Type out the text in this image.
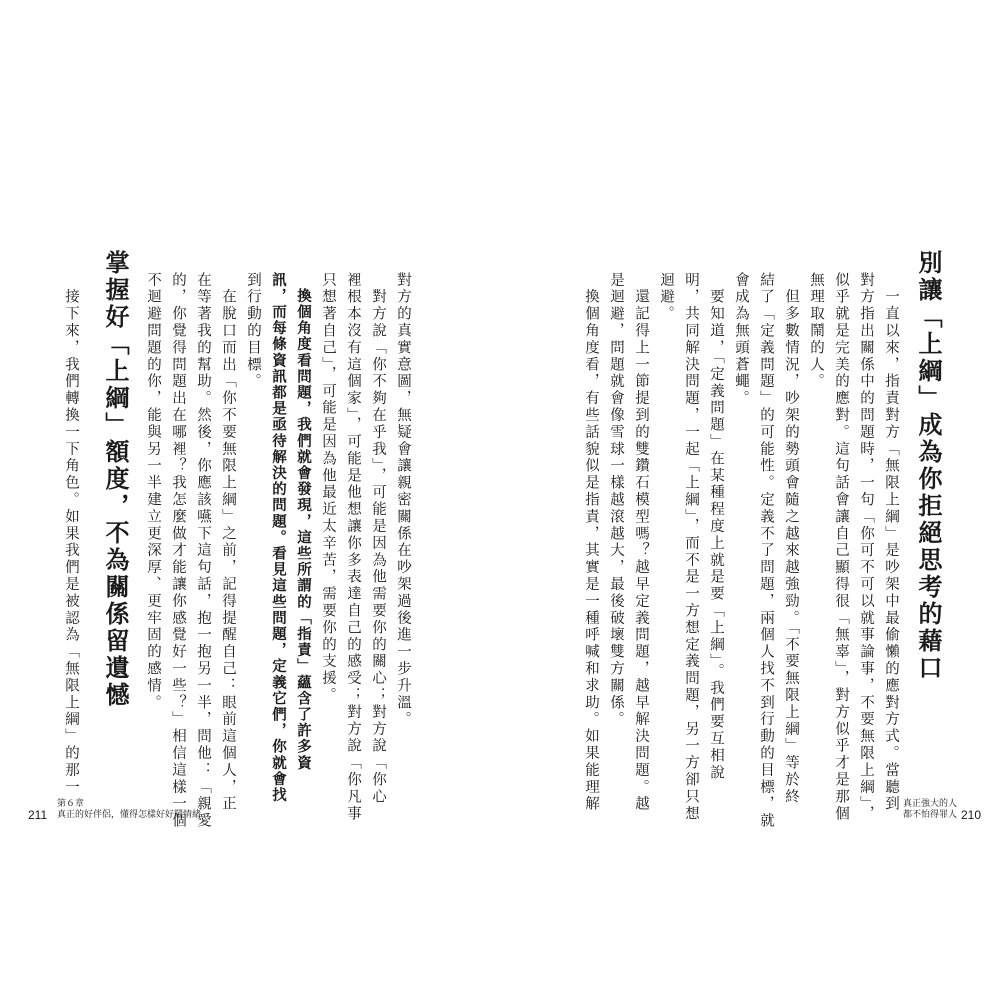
別讓「上綱」成為你拒絕思考的藉口
　一直以來，指責對方「無限上綱」是吵架中最偷懶的應對方式。當聽到
對方指出關係中的問題時，一句「你可不可以就事論事，不要無限上綱」，
似乎就是完美的應對。這句話會讓自己顯得很「無辜」，對方似乎才是那個
無理取鬧的人。
　但多數情況，吵架的勢頭會隨之越來越強勁。「不要無限上綱」等於終
結了「定義問題」的可能性。定義不了問題，兩個人找不到行動的目標，就
會成為無頭蒼蠅。
　要知道，「定義問題」在某種程度上就是要「上綱」。我們要互相說
明，共同解決問題，一起「上綱」，而不是一方想定義問題，另一方卻只想
迴避。
　還記得上一節提到的雙鑽石模型嗎？越早定義問題，越早解決問題。越
是迴避，問題就會像雪球一樣越滾越大，最後破壞雙方關係。
　換個角度看，有些話貌似是指責，其實是一種呼喊和求助。如果能理解	真正強大的人
都不怕得罪人 210
對方的真實意圖，無疑會讓親密關係在吵架過後進一步升溫。
　對方說「你不夠在乎我」，可能是因為他需要你的關心；對方說「你心
裡根本沒有這個家」，可能是他想讓你多表達自己的感受；對方說「你凡事
只想著自己」，可能是因為他最近太辛苦，需要你的支援。
　換個角度看問題，我們就會發現，這些所謂的「指責」蘊含了許多資
訊，而每條資訊都是亟待解決的問題。看見這些問題，定義它們，你就會找
到行動的目標。
　在脫口而出「你不要無限上綱」之前，記得提醒自己：眼前這個人，正
在等著我的幫助。然後，你應該嚥下這句話，抱一抱另一半，問他：「親愛
的，你覺得問題出在哪裡？我怎麼做才能讓你感覺好一些？」相信這樣一個
不迴避問題的你，能與另一半建立更深厚、更牢固的感情。
掌握好「上綱」額度，不為關係留遺憾
　接下來，我們轉換一下角色。如果我們是被認為「無限上綱」的那一
211
第６章
真正的好伴侶，懂得怎樣好好鬧情緒
